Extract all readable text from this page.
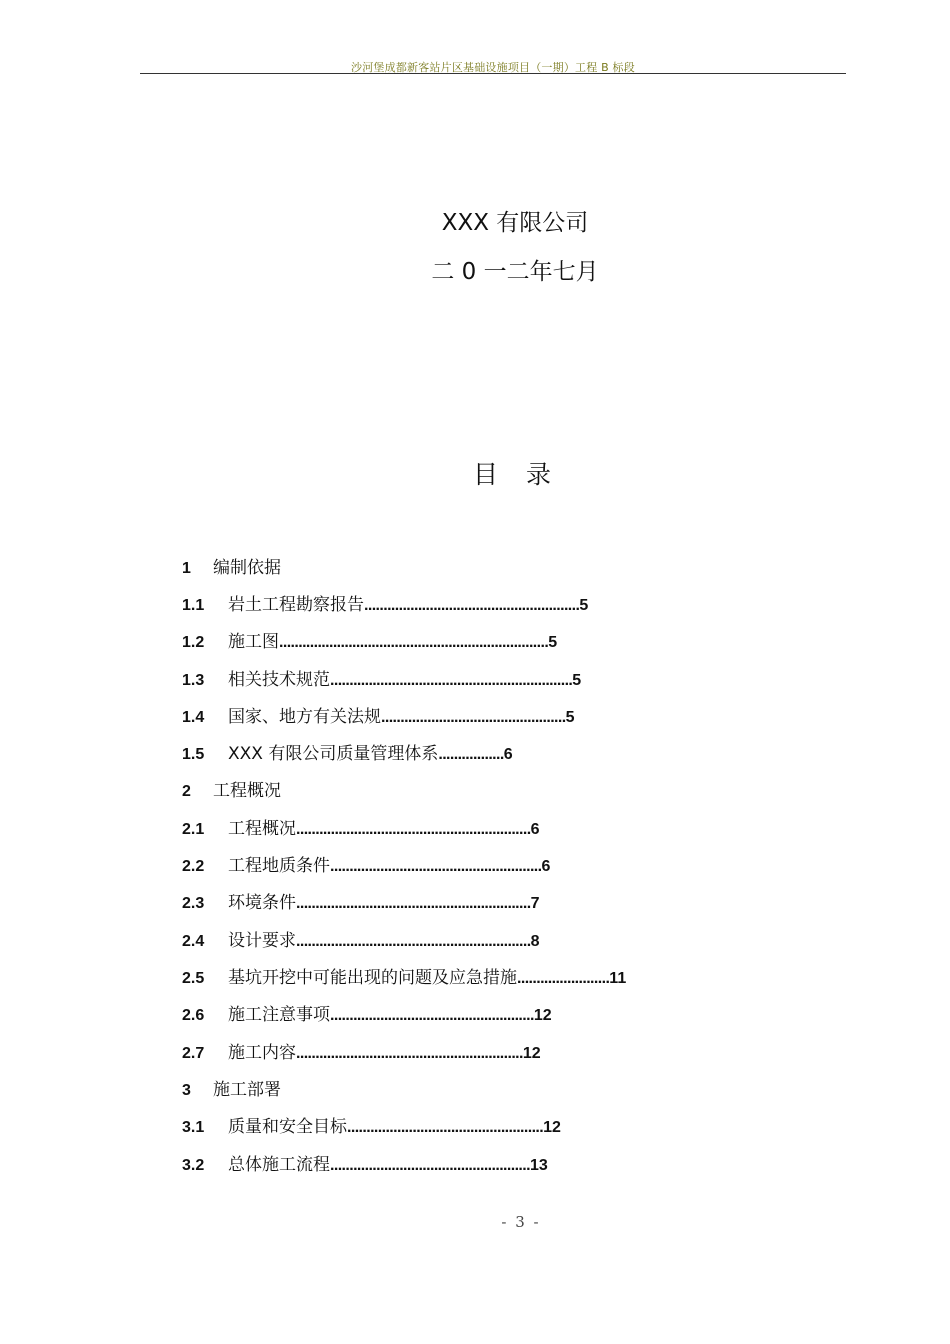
沙河堡成都新客站片区基础设施项目（一期）工程 B 标段
XXX 有限公司
二 0 一二年七月
目录
1 编制依据
1.1 岩土工程勘察报告........................................................5
1.2 施工图......................................................................5
1.3 相关技术规范...............................................................5
1.4 国家、地方有关法规................................................5
1.5 XXX 有限公司质量管理体系.................6
2 工程概况
2.1 工程概况.............................................................6
2.2 工程地质条件.......................................................6
2.3 环境条件.............................................................7
2.4 设计要求.............................................................8
2.5 基坑开挖中可能出现的问题及应急措施........................11
2.6 施工注意事项.....................................................12
2.7 施工内容...........................................................12
3 施工部署
3.1 质量和安全目标...................................................12
3.2 总体施工流程....................................................13
- 3 -
